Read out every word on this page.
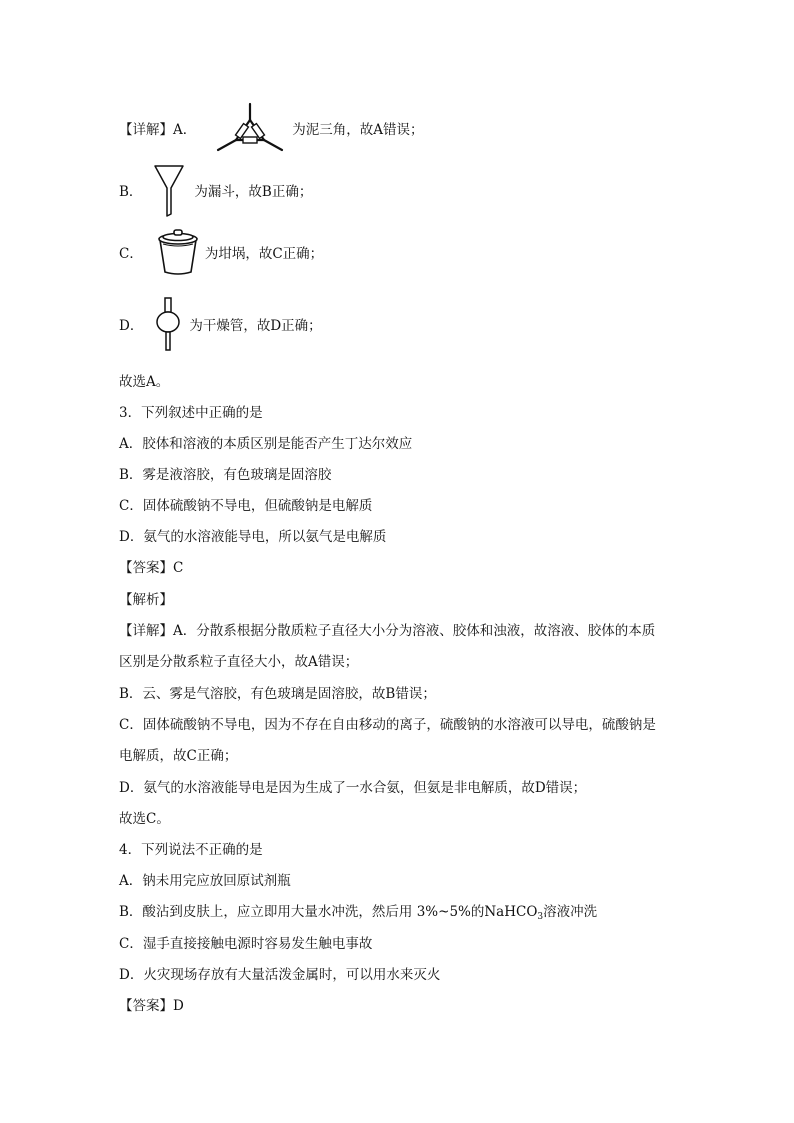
【详解】A．	为泥三角，故A错误；
B．	为漏斗，故B正确；
C．	为坩埚，故C正确；
D．	为干燥管，故D正确；
故选A。
3．下列叙述中正确的是
A．胶体和溶液的本质区别是能否产生丁达尔效应
B．雾是液溶胶，有色玻璃是固溶胶
C．固体硫酸钠不导电，但硫酸钠是电解质
D．氨气的水溶液能导电，所以氨气是电解质
【答案】C
【解析】
【详解】A．分散系根据分散质粒子直径大小分为溶液、胶体和浊液，故溶液、胶体的本质
区别是分散系粒子直径大小，故A错误；
B．云、雾是气溶胶，有色玻璃是固溶胶，故B错误；
C．固体硫酸钠不导电，因为不存在自由移动的离子，硫酸钠的水溶液可以导电，硫酸钠是
电解质，故C正确；
D．氨气的水溶液能导电是因为生成了一水合氨，但氨是非电解质，故D错误；
故选C。
4．下列说法不正确的是
A．钠未用完应放回原试剂瓶
B．酸沾到皮肤上，应立即用大量水冲洗，然后用 3%~5%的NaHCO$_3$溶液冲洗
C．湿手直接接触电源时容易发生触电事故
D．火灾现场存放有大量活泼金属时，可以用水来灭火
【答案】D
